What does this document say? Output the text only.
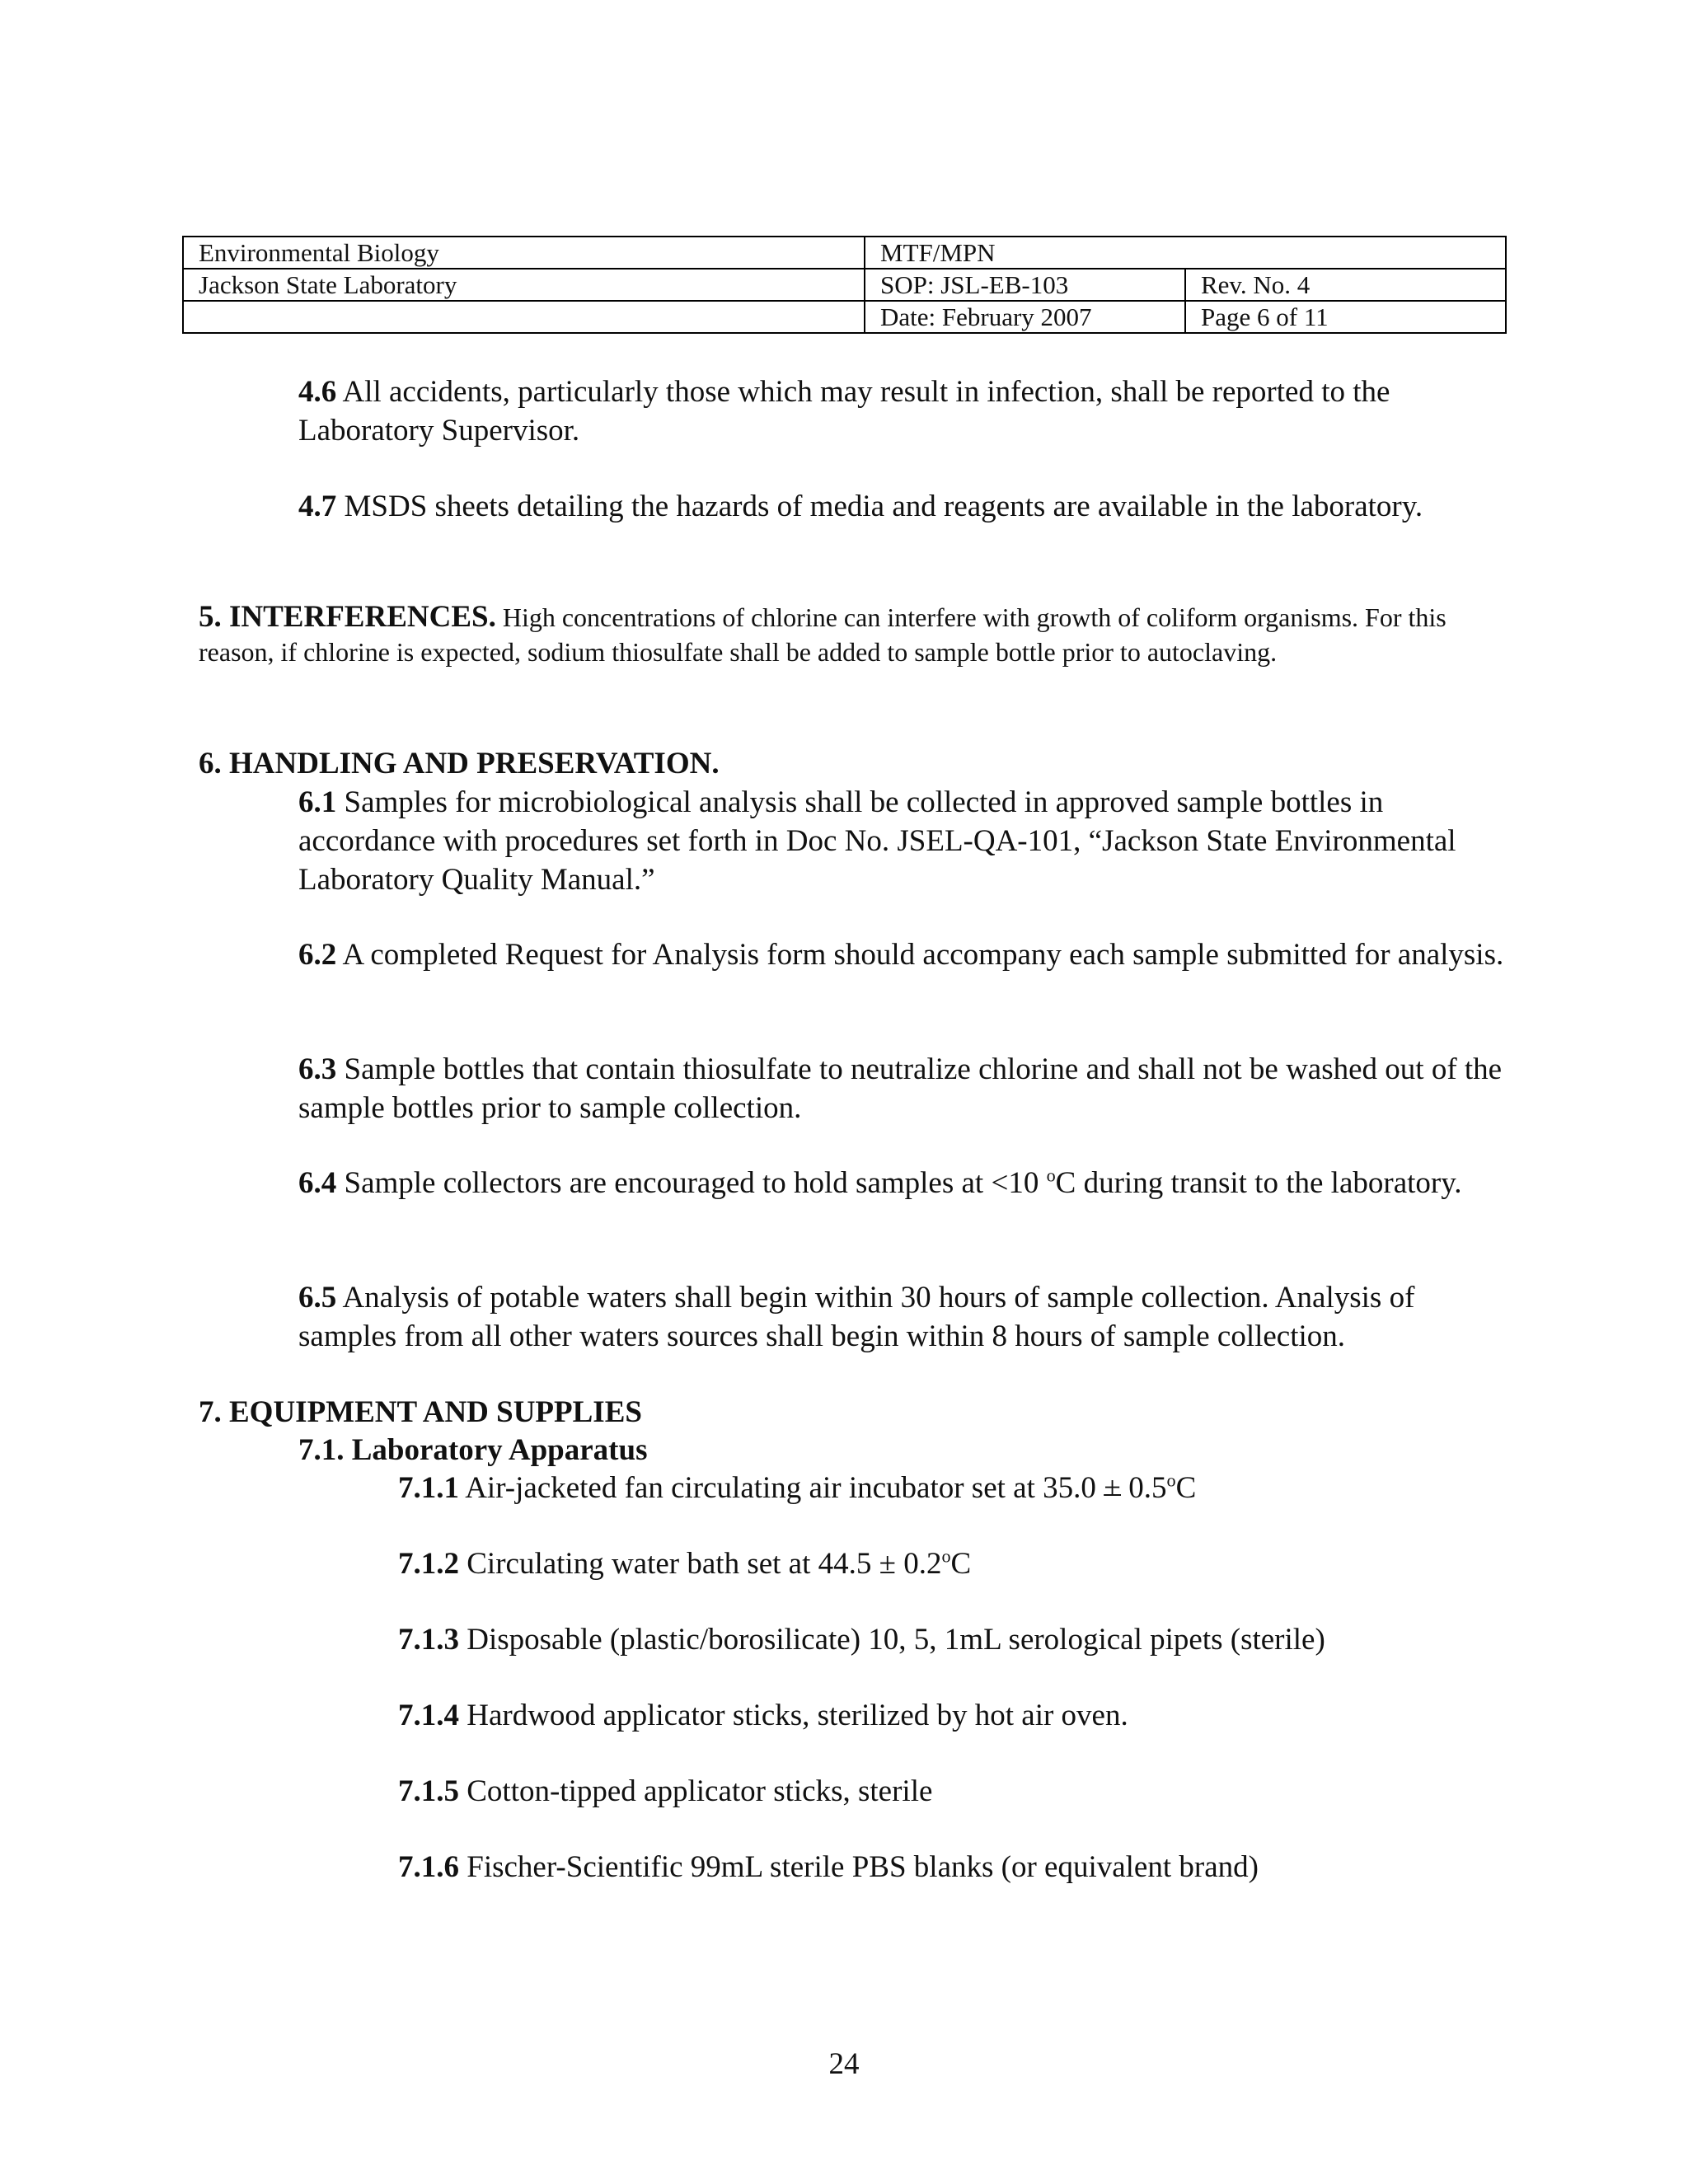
Environmental Biology	MTF/MPN	
Jackson State Laboratory	SOP: JSL-EB-103	Rev. No. 4
	Date: February 2007	Page 6 of 11

4.6 All accidents, particularly those which may result in infection, shall be reported to the Laboratory Supervisor.

4.7 MSDS sheets detailing the hazards of media and reagents are available in the laboratory.

5. INTERFERENCES. High concentrations of chlorine can interfere with growth of coliform organisms. For this reason, if chlorine is expected, sodium thiosulfate shall be added to sample bottle prior to autoclaving.

6. HANDLING AND PRESERVATION.

6.1 Samples for microbiological analysis shall be collected in approved sample bottles in accordance with procedures set forth in Doc No. JSEL-QA-101, “Jackson State Environmental Laboratory Quality Manual.”

6.2 A completed Request for Analysis form should accompany each sample submitted for analysis.

6.3 Sample bottles that contain thiosulfate to neutralize chlorine and shall not be washed out of the sample bottles prior to sample collection.

6.4 Sample collectors are encouraged to hold samples at <10 $^o$C during transit to the laboratory.

6.5 Analysis of potable waters shall begin within 30 hours of sample collection. Analysis of samples from all other waters sources shall begin within 8 hours of sample collection.

7. EQUIPMENT AND SUPPLIES

7.1. Laboratory Apparatus

7.1.1 Air-jacketed fan circulating air incubator set at $35.0 + 0.5^oC$

7.1.2 Circulating water bath set at $44.5 \pm 0.2^oC$

7.1.3 Disposable (plastic/borosilicate) 10, 5, 1mL serological pipets (sterile)

7.1.4 Hardwood applicator sticks, sterilized by hot air oven.

7.1.5 Cotton-tipped applicator sticks, sterile

7.1.6 Fischer-Scientific 99mL sterile PBS blanks (or equivalent brand)

24
